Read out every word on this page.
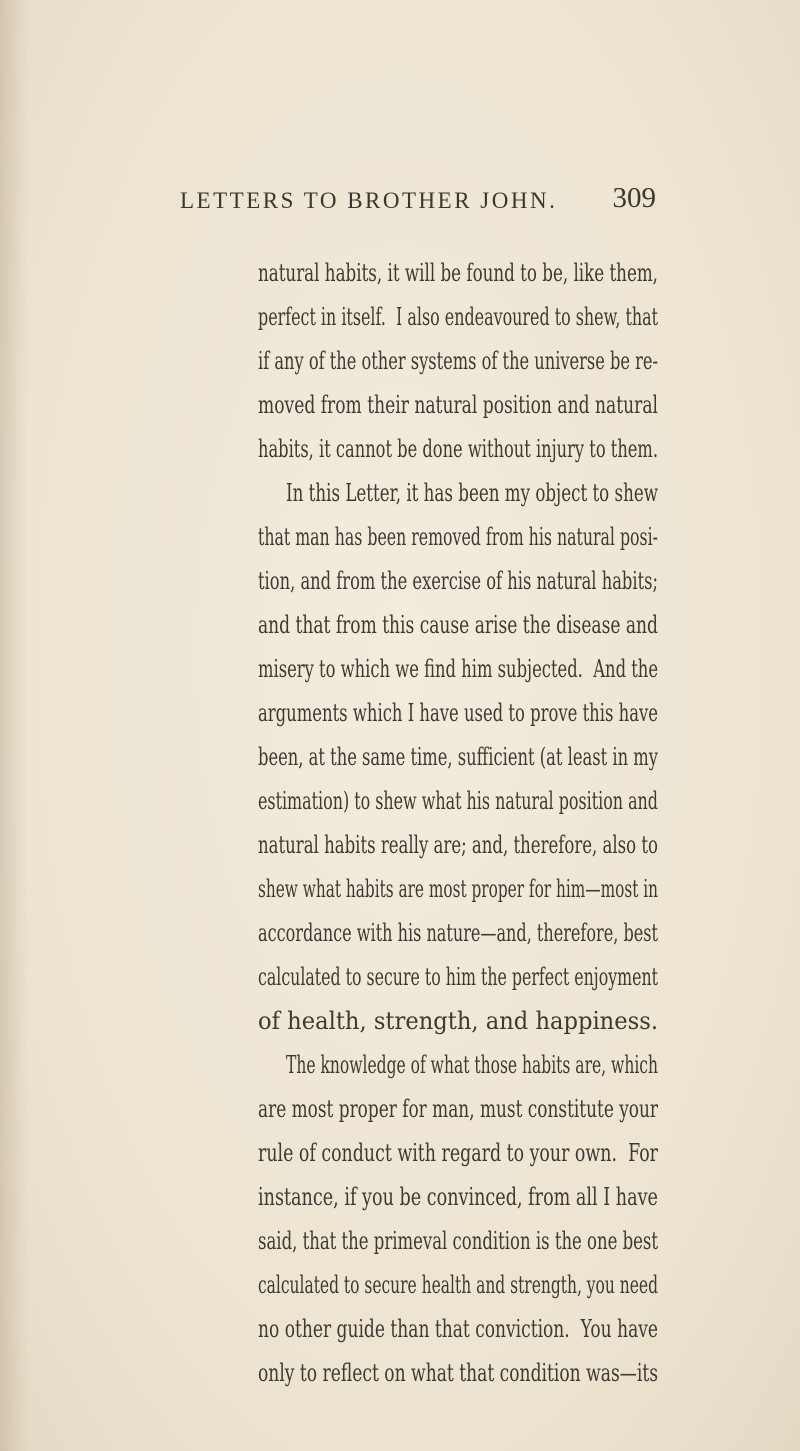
LETTERS TO BROTHER JOHN. 309
natural habits, it will be found to be, like them,
perfect in itself.  I also endeavoured to shew, that
if any of the other systems of the universe be re-
moved from their natural position and natural
habits, it cannot be done without injury to them.
In this Letter, it has been my object to shew
that man has been removed from his natural posi-
tion, and from the exercise of his natural habits;
and that from this cause arise the disease and
misery to which we find him subjected.  And the
arguments which I have used to prove this have
been, at the same time, sufficient (at least in my
estimation) to shew what his natural position and
natural habits really are; and, therefore, also to
shew what habits are most proper for him—most in
accordance with his nature—and, therefore, best
calculated to secure to him the perfect enjoyment
of health, strength, and happiness.
The knowledge of what those habits are, which
are most proper for man, must constitute your
rule of conduct with regard to your own.  For
instance, if you be convinced, from all I have
said, that the primeval condition is the one best
calculated to secure health and strength, you need
no other guide than that conviction.  You have
only to reflect on what that condition was—its
